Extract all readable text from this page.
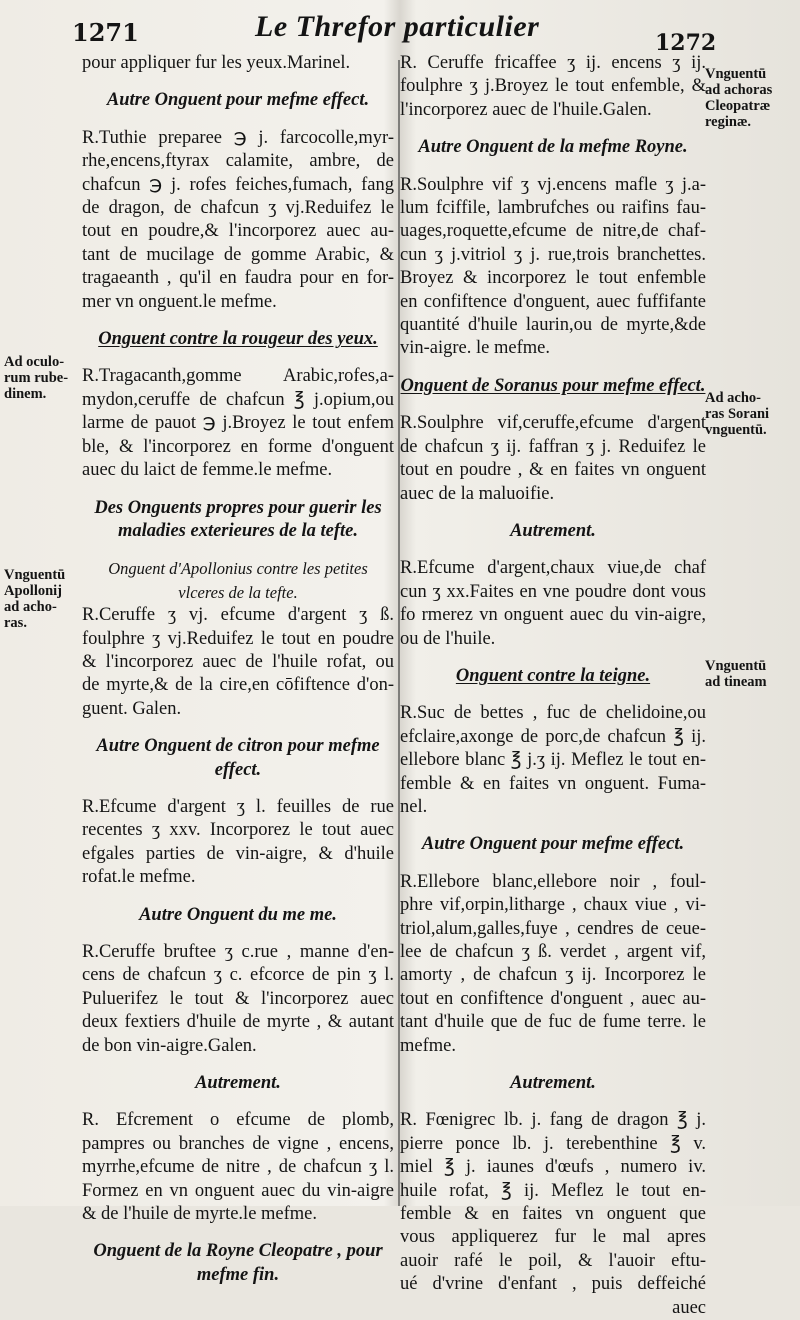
1271	Le Threfor particulier	1272
pour appliquer fur les yeux.Marinel.
Autre Onguent pour mefme effect.
R.Tuthie preparee ℈ j. farcocolle,myr-
rhe,encens,ftyrax calamite, ambre, de
chafcun ℈ j. rofes feiches,fumach, fang
de dragon, de chafcun ʒ vj.Reduifez le
tout en poudre,& l'incorporez auec au-
tant de mucilage de gomme Arabic, &
tragaeanth , qu'il en faudra pour en for-
mer vn onguent.le mefme.
Onguent contre la rougeur des yeux.
R.Tragacanth,gomme Arabic,rofes,a-
mydon,ceruffe de chafcun ℥ j.opium,ou
larme de pauot ℈ j.Broyez le tout enfem
ble, & l'incorporez en forme d'onguent
auec du laict de femme.le mefme.
Des Onguents propres pour guerir les
maladies exterieures de la tefte.
Onguent d'Apollonius contre les petites
vlceres de la tefte.
R.Ceruffe ʒ vj. efcume d'argent ʒ ß.
foulphre ʒ vj.Reduifez le tout en poudre
& l'incorporez auec de l'huile rofat, ou
de myrte,& de la cire,en cōfiftence d'on-
guent. Galen.
Autre Onguent de citron pour mefme
effect.
R.Efcume d'argent ʒ l. feuilles de rue
recentes ʒ xxv. Incorporez le tout auec
efgales parties de vin-aigre, & d'huile
rofat.le mefme.
Autre Onguent du me me.
R.Ceruffe bruftee ʒ c.rue , manne d'en-
cens de chafcun ʒ c. efcorce de pin ʒ l.
Puluerifez le tout & l'incorporez auec
deux fextiers d'huile de myrte , & autant
de bon vin-aigre.Galen.
Autrement.
R. Efcrement o efcume de plomb,
pampres ou branches de vigne , encens,
myrrhe,efcume de nitre , de chafcun ʒ l.
Formez en vn onguent auec du vin-aigre
& de l'huile de myrte.le mefme.
Onguent de la Royne Cleopatre , pour
mefme fin.
R. Ceruffe fricaffee ʒ ij. encens ʒ ij.
foulphre ʒ j.Broyez le tout enfemble, &
l'incorporez auec de l'huile.Galen.
Autre Onguent de la mefme Royne.
R.Soulphre vif ʒ vj.encens mafle ʒ j.a-
lum fciffile, lambrufches ou raifins fau-
uages,roquette,efcume de nitre,de chaf-
cun ʒ j.vitriol ʒ j. rue,trois branchettes.
Broyez & incorporez le tout enfemble
en confiftence d'onguent, auec fuffifante
quantité d'huile laurin,ou de myrte,&de
vin-aigre. le mefme.
Onguent de Soranus pour mefme effect.
R.Soulphre vif,ceruffe,efcume d'argent
de chafcun ʒ ij. faffran ʒ j. Reduifez le
tout en poudre , & en faites vn onguent
auec de la maluoifie.
Autrement.
R.Efcume d'argent,chaux viue,de chaf
cun ʒ xx.Faites en vne poudre dont vous
fo rmerez vn onguent auec du vin-aigre,
ou de l'huile.
Onguent contre la teigne.
R.Suc de bettes , fuc de chelidoine,ou
efclaire,axonge de porc,de chafcun ℥ ij.
ellebore blanc ℥ j.ʒ ij. Meflez le tout en-
femble & en faites vn onguent. Fuma-
nel.
Autre Onguent pour mefme effect.
R.Ellebore blanc,ellebore noir , foul-
phre vif,orpin,litharge , chaux viue , vi-
triol,alum,galles,fuye , cendres de ceue-
lee de chafcun ʒ ß. verdet , argent vif,
amorty , de chafcun ʒ ij. Incorporez le
tout en confiftence d'onguent , auec au-
tant d'huile que de fuc de fume terre. le
mefme.
Autrement.
R. Fœnigrec lb. j. fang de dragon ℥ j.
pierre ponce lb. j. terebenthine ℥ v.
miel ℥ j. iaunes d'œufs , numero iv.
huile rofat, ℥ ij. Meflez le tout en-
femble & en faites vn onguent que
vous appliquerez fur le mal apres
auoir rafé le poil, & l'auoir eftu-
ué d'vrine d'enfant , puis deffeiché
auec
Ad oculo-
rum rube-
dinem.
Vnguentū
Apollonij
ad acho-
ras.
Vnguentū
ad achoras
Cleopatræ
reginæ.
Ad acho-
ras Sorani
vnguentū.
Vnguentū
ad tineam
